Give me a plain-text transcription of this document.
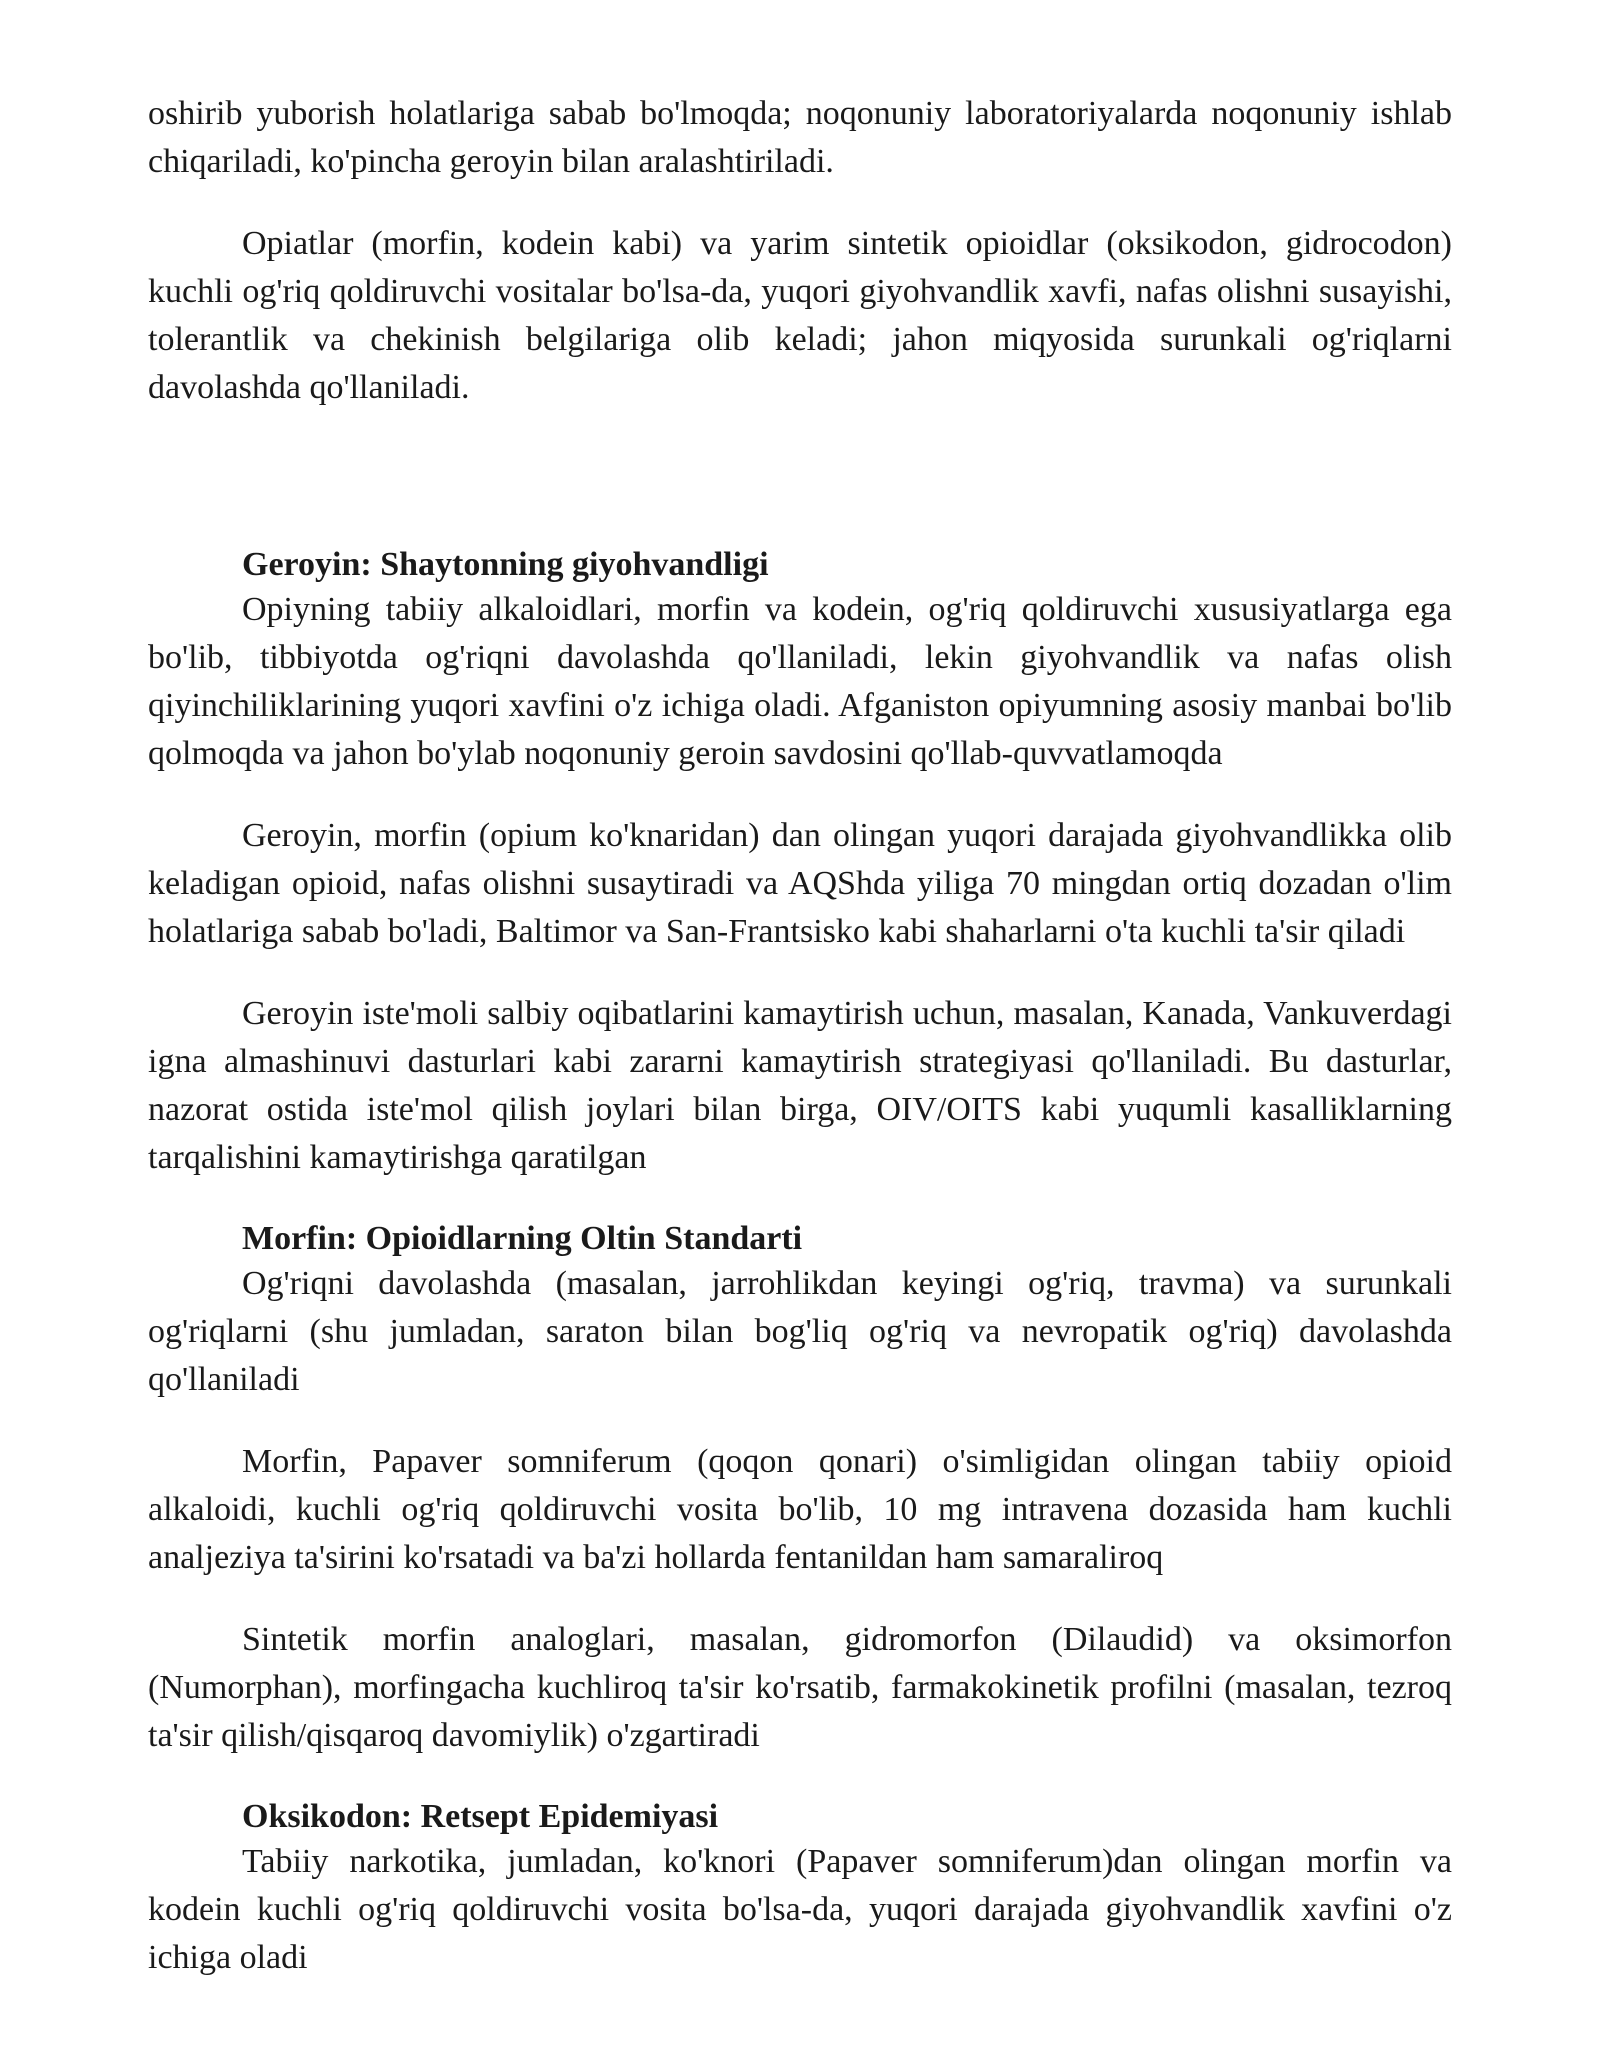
oshirib yuborish holatlariga sabab bo'lmoqda; noqonuniy laboratoriyalarda noqonuniy ishlab chiqariladi, ko'pincha geroyin bilan aralashtiriladi.

Opiatlar (morfin, kodein kabi) va yarim sintetik opioidlar (oksikodon, gidrocodon) kuchli og'riq qoldiruvchi vositalar bo'lsa-da, yuqori giyohvandlik xavfi, nafas olishni susayishi, tolerantlik va chekinish belgilariga olib keladi; jahon miqyosida surunkali og'riqlarni davolashda qo'llaniladi.

Geroyin: Shaytonning giyohvandligi

Opiyning tabiiy alkaloidlari, morfin va kodein, og'riq qoldiruvchi xususiyatlarga ega bo'lib, tibbiyotda og'riqni davolashda qo'llaniladi, lekin giyohvandlik va nafas olish qiyinchiliklarining yuqori xavfini o'z ichiga oladi. Afganiston opiyumning asosiy manbai bo'lib qolmoqda va jahon bo'ylab noqonuniy geroin savdosini qo'llab-quvvatlamoqda

Geroyin, morfin (opium ko'knaridan) dan olingan yuqori darajada giyohvandlikka olib keladigan opioid, nafas olishni susaytiradi va AQShda yiliga 70 mingdan ortiq dozadan o'lim holatlariga sabab bo'ladi, Baltimor va San-Frantsisko kabi shaharlarni o'ta kuchli ta'sir qiladi

Geroyin iste'moli salbiy oqibatlarini kamaytirish uchun, masalan, Kanada, Vankuverdagi igna almashinuvi dasturlari kabi zararni kamaytirish strategiyasi qo'llaniladi. Bu dasturlar, nazorat ostida iste'mol qilish joylari bilan birga, OIV/OITS kabi yuqumli kasalliklarning tarqalishini kamaytirishga qaratilgan

Morfin: Opioidlarning Oltin Standarti

Og'riqni davolashda (masalan, jarrohlikdan keyingi og'riq, travma) va surunkali og'riqlarni (shu jumladan, saraton bilan bog'liq og'riq va nevropatik og'riq) davolashda qo'llaniladi

Morfin, Papaver somniferum (qoqon qonari) o'simligidan olingan tabiiy opioid alkaloidi, kuchli og'riq qoldiruvchi vosita bo'lib, 10 mg intravena dozasida ham kuchli analjeziya ta'sirini ko'rsatadi va ba'zi hollarda fentanildan ham samaraliroq

Sintetik morfin analoglari, masalan, gidromorfon (Dilaudid) va oksimorfon (Numorphan), morfingacha kuchliroq ta'sir ko'rsatib, farmakokinetik profilni (masalan, tezroq ta'sir qilish/qisqaroq davomiylik) o'zgartiradi

Oksikodon: Retsept Epidemiyasi

Tabiiy narkotika, jumladan, ko'knori (Papaver somniferum)dan olingan morfin va kodein kuchli og'riq qoldiruvchi vosita bo'lsa-da, yuqori darajada giyohvandlik xavfini o'z ichiga oladi
